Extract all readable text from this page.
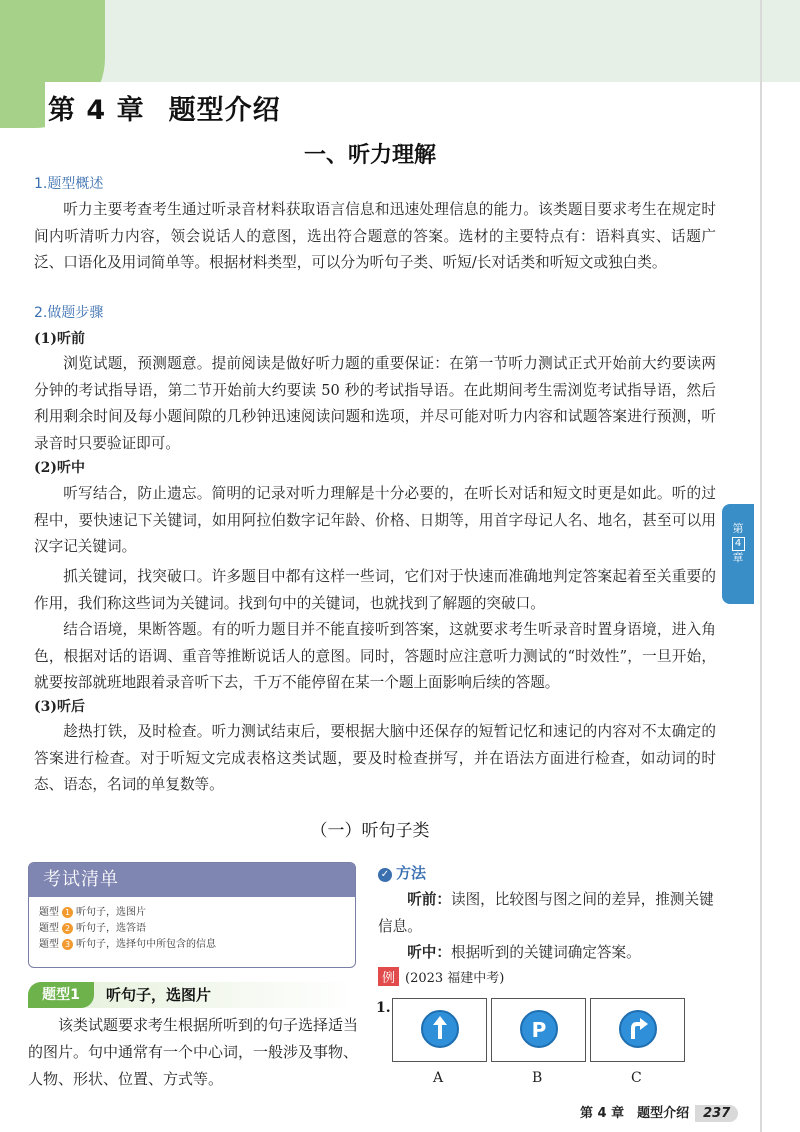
第 4 章 题型介绍
一、听力理解

1.题型概述

听力主要考查考生通过听录音材料获取语言信息和迅速处理信息的能力。该类题目要求考生在规定时间内听清听力内容，领会说话人的意图，选出符合题意的答案。选材的主要特点有：语料真实、话题广泛、口语化及用词简单等。根据材料类型，可以分为听句子类、听短/长对话类和听短文或独白类。

2.做题步骤

(1)听前

浏览试题，预测题意。提前阅读是做好听力题的重要保证：在第一节听力测试正式开始前大约要读两分钟的考试指导语，第二节开始前大约要读 50 秒的考试指导语。在此期间考生需浏览考试指导语，然后利用剩余时间及每小题间隙的几秒钟迅速阅读问题和选项，并尽可能对听力内容和试题答案进行预测，听录音时只要验证即可。

(2)听中

听写结合，防止遗忘。简明的记录对听力理解是十分必要的，在听长对话和短文时更是如此。听的过程中，要快速记下关键词，如用阿拉伯数字记年龄、价格、日期等，用首字母记人名、地名，甚至可以用汉字记关键词。

抓关键词，找突破口。许多题目中都有这样一些词，它们对于快速而准确地判定答案起着至关重要的作用，我们称这些词为关键词。找到句中的关键词，也就找到了解题的突破口。

结合语境，果断答题。有的听力题目并不能直接听到答案，这就要求考生听录音时置身语境，进入角色，根据对话的语调、重音等推断说话人的意图。同时，答题时应注意听力测试的“时效性”，一旦开始，就要按部就班地跟着录音听下去，千万不能停留在某一个题上面影响后续的答题。

(3)听后

趁热打铁，及时检查。听力测试结束后，要根据大脑中还保存的短暂记忆和速记的内容对不太确定的答案进行检查。对于听短文完成表格这类试题，要及时检查拼写，并在语法方面进行检查，如动词的时态、语态，名词的单复数等。

第
4
章

（一）听句子类

考试清单
题型 1 听句子，选图片
题型 2 听句子，选答语
题型 3 听句子，选择句中所包含的信息
题型1	听句子，选图片

该类试题要求考生根据所听到的句子选择适当的图片。句中通常有一个中心词，一般涉及事物、人物、形状、位置、方式等。

✓ 方法

听前：读图，比较图与图之间的差异，推测关键信息。

听中：根据听到的关键词确定答案。

例 (2023 福建中考)
1.
P
A	B	C
第 4 章　题型介绍 237
